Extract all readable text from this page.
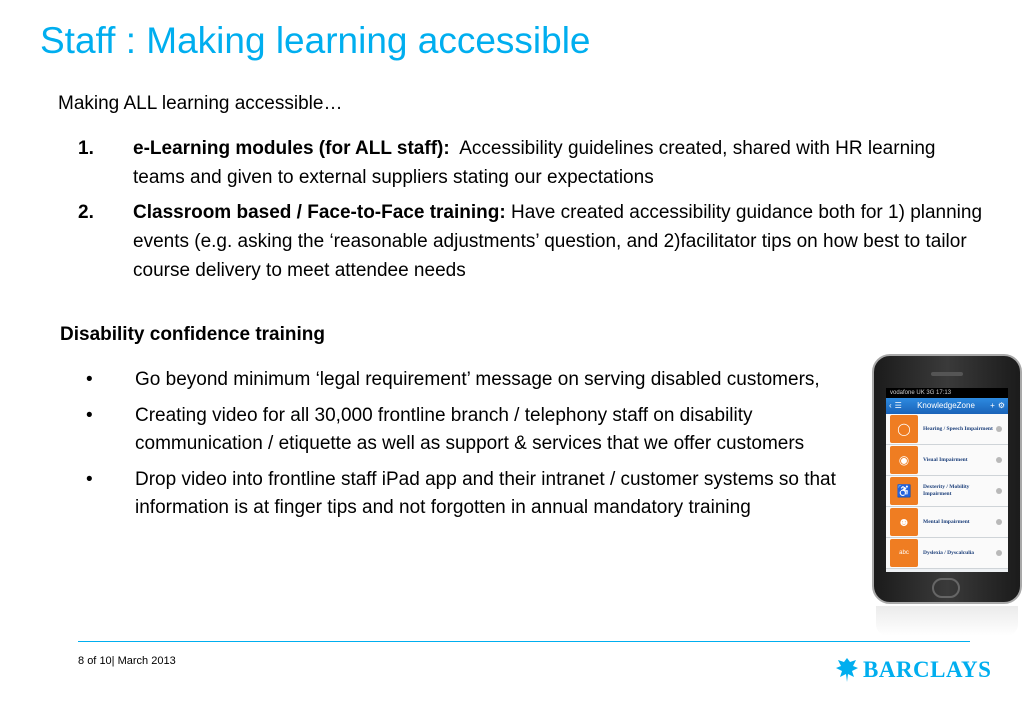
Staff : Making learning accessible
Making ALL learning accessible…
1.	e-Learning modules (for ALL staff): Accessibility guidelines created, shared with HR learning teams and given to external suppliers stating our expectations
2.	Classroom based / Face-to-Face training: Have created accessibility guidance both for 1) planning events (e.g. asking the ‘reasonable adjustments’ question, and 2)facilitator tips on how best to tailor course delivery to meet attendee needs
Disability confidence training
•	Go beyond minimum ‘legal requirement’ message on serving disabled customers,
•	Creating video for all 30,000 frontline branch / telephony staff on disability communication / etiquette as well as support & services that we offer customers
•	Drop video into frontline staff iPad app and their intranet / customer systems so that information is at finger tips and not forgotten in annual mandatory training
vodafone UK 3G 17:13
‹ ☰	KnowledgeZone	+ ⚙
◯	Hearing / Speech Impairment
◉	Visual Impairment
♿	Dexterity / Mobility Impairment
☻	Mental Impairment
abc	Dyslexia / Dyscalculia
8 of 10| March 2013	BARCLAYS
